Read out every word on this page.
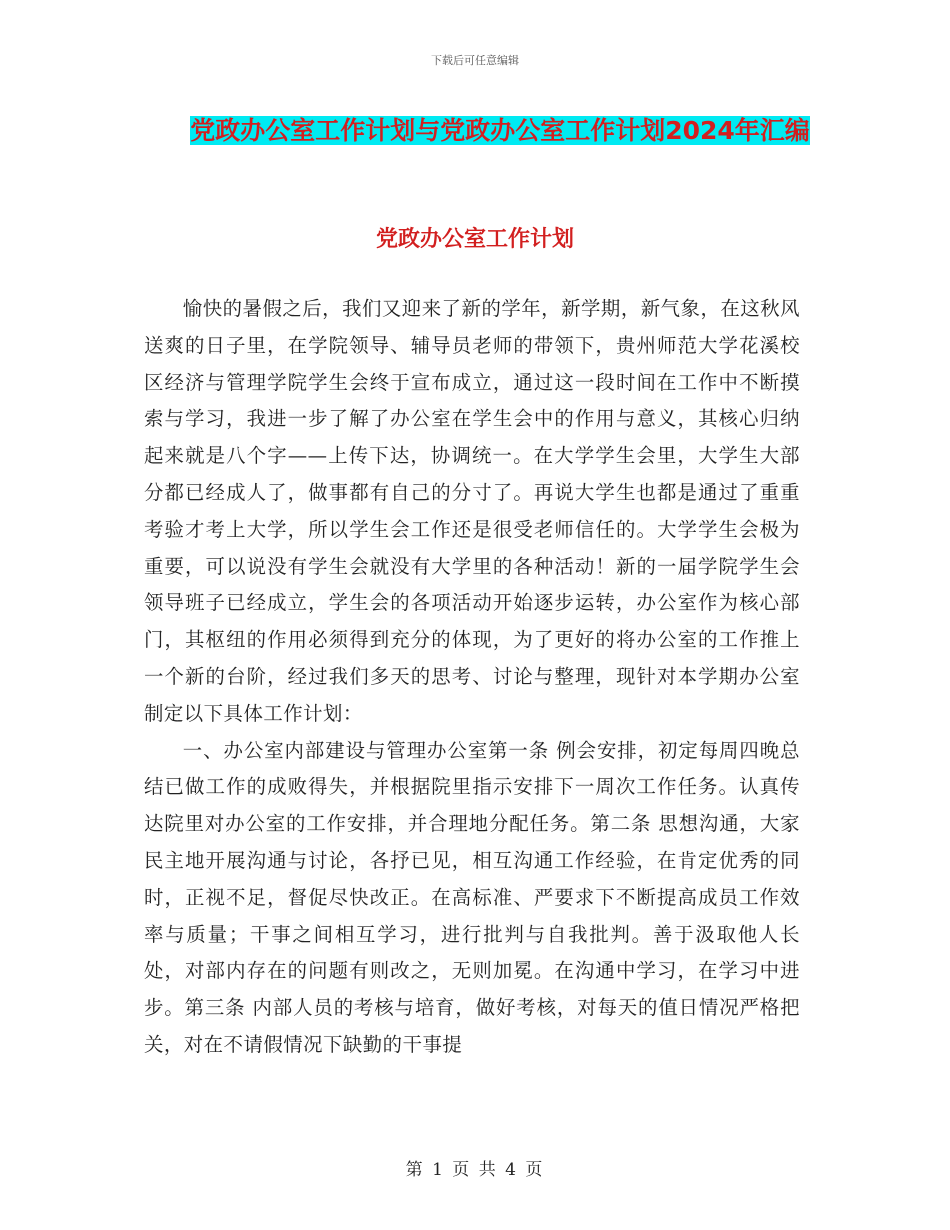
下载后可任意编辑
党政办公室工作计划与党政办公室工作计划2024年汇编
党政办公室工作计划

愉快的暑假之后，我们又迎来了新的学年，新学期，新气象，在这秋风送爽的日子里，在学院领导、辅导员老师的带领下，贵州师范大学花溪校区经济与管理学院学生会终于宣布成立，通过这一段时间在工作中不断摸索与学习，我进一步了解了办公室在学生会中的作用与意义，其核心归纳起来就是八个字——上传下达，协调统一。在大学学生会里，大学生大部分都已经成人了，做事都有自己的分寸了。再说大学生也都是通过了重重考验才考上大学，所以学生会工作还是很受老师信任的。大学学生会极为重要，可以说没有学生会就没有大学里的各种活动！新的一届学院学生会领导班子已经成立，学生会的各项活动开始逐步运转，办公室作为核心部门，其枢纽的作用必须得到充分的体现，为了更好的将办公室的工作推上一个新的台阶，经过我们多天的思考、讨论与整理，现针对本学期办公室制定以下具体工作计划：

一、办公室内部建设与管理办公室第一条 例会安排，初定每周四晚总结已做工作的成败得失，并根据院里指示安排下一周次工作任务。认真传达院里对办公室的工作安排，并合理地分配任务。第二条 思想沟通，大家民主地开展沟通与讨论，各抒已见，相互沟通工作经验，在肯定优秀的同时，正视不足，督促尽快改正。在高标准、严要求下不断提高成员工作效率与质量；干事之间相互学习，进行批判与自我批判。善于汲取他人长处，对部内存在的问题有则改之，无则加冕。在沟通中学习，在学习中进步。第三条 内部人员的考核与培育，做好考核，对每天的值日情况严格把关，对在不请假情况下缺勤的干事提

第 1 页 共 4 页
